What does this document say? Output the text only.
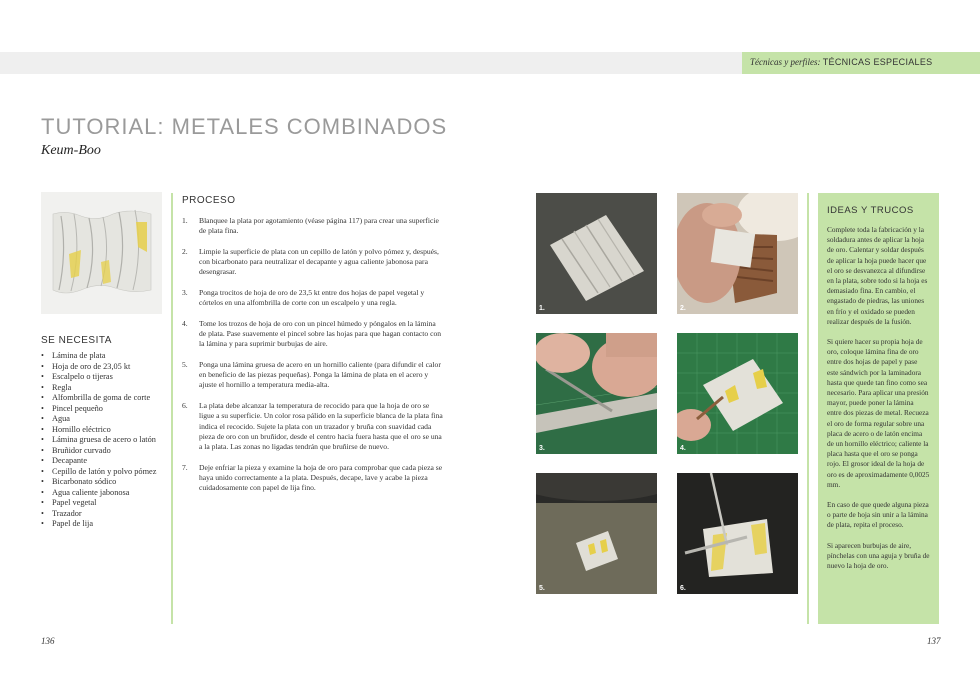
Técnicas y perfiles: TÉCNICAS ESPECIALES
TUTORIAL: METALES COMBINADOS
Keum-Boo
SE NECESITA
• Lámina de plata
• Hoja de oro de 23,05 kt
• Escalpelo o tijeras
• Regla
• Alfombrilla de goma de corte
• Pincel pequeño
• Agua
• Hornillo eléctrico
• Lámina gruesa de acero o latón
• Bruñidor curvado
• Decapante
• Cepillo de latón y polvo pómez
• Bicarbonato sódico
• Agua caliente jabonosa
• Papel vegetal
• Trazador
• Papel de lija
PROCESO
1. Blanquee la plata por agotamiento (véase página 117) para crear una superficie de plata fina.
2. Limpie la superficie de plata con un cepillo de latón y polvo pómez y, después, con bicarbonato para neutralizar el decapante y agua caliente jabonosa para desengrasar.
3. Ponga trocitos de hoja de oro de 23,5 kt entre dos hojas de papel vegetal y córtelos en una alfombrilla de corte con un escalpelo y una regla.
4. Tome los trozos de hoja de oro con un pincel húmedo y póngalos en la lámina de plata. Pase suavemente el pincel sobre las hojas para que hagan contacto con la lámina y para suprimir burbujas de aire.
5. Ponga una lámina gruesa de acero en un hornillo caliente (para difundir el calor en beneficio de las piezas pequeñas). Ponga la lámina de plata en el acero y ajuste el hornillo a temperatura media-alta.
6. La plata debe alcanzar la temperatura de recocido para que la hoja de oro se ligue a su superficie. Un color rosa pálido en la superficie blanca de la plata fina indica el recocido. Sujete la plata con un trazador y bruña con suavidad cada pieza de oro con un bruñidor, desde el centro hacia fuera hasta que el oro se una a la plata. Las zonas no ligadas tendrán que bruñirse de nuevo.
7. Deje enfriar la pieza y examine la hoja de oro para comprobar que cada pieza se haya unido correctamente a la plata. Después, decape, lave y acabe la pieza cuidadosamente con papel de lija fino.
1.	2.
3.	4.
5.	6.
IDEAS Y TRUCOS

Complete toda la fabricación y la soldadura antes de aplicar la hoja de oro. Calentar y soldar después de aplicar la hoja puede hacer que el oro se desvanezca al difundirse en la plata, sobre todo si la hoja es demasiado fina. En cambio, el engastado de piedras, las uniones en frío y el oxidado se pueden realizar después de la fusión.

Si quiere hacer su propia hoja de oro, coloque lámina fina de oro entre dos hojas de papel y pase este sándwich por la laminadora hasta que quede tan fino como sea necesario. Para aplicar una presión mayor, puede poner la lámina entre dos piezas de metal. Recueza el oro de forma regular sobre una placa de acero o de latón encima de un hornillo eléctrico; caliente la placa hasta que el oro se ponga rojo. El grosor ideal de la hoja de oro es de aproximadamente 0,0025 mm.

En caso de que quede alguna pieza o parte de hoja sin unir a la lámina de plata, repita el proceso.

Si aparecen burbujas de aire, pínchelas con una aguja y bruña de nuevo la hoja de oro.

136	137
